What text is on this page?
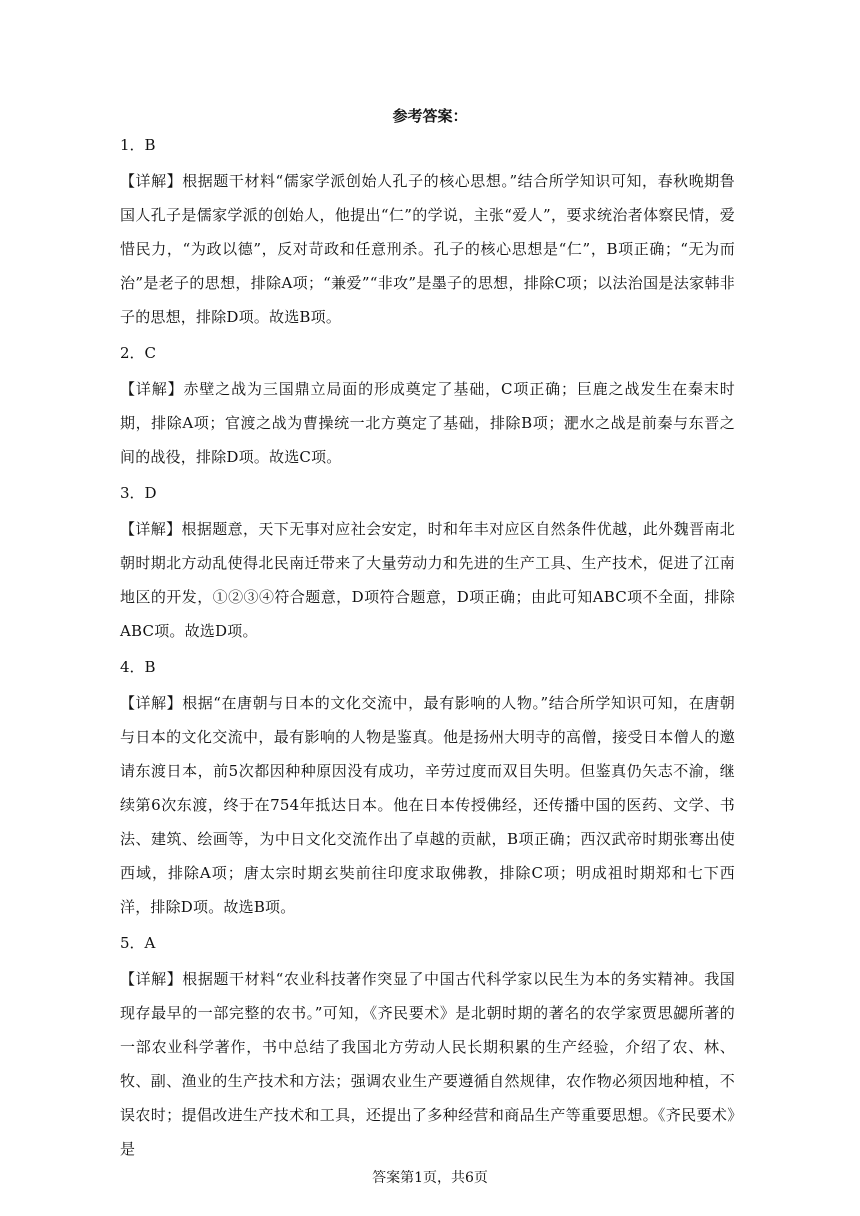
参考答案：

1．B

【详解】根据题干材料“儒家学派创始人孔子的核心思想。”结合所学知识可知，春秋晚期鲁国人孔子是儒家学派的创始人，他提出“仁”的学说，主张“爱人”，要求统治者体察民情，爱惜民力，“为政以德”，反对苛政和任意刑杀。孔子的核心思想是“仁”，B项正确；“无为而治”是老子的思想，排除A项；“兼爱”“非攻”是墨子的思想，排除C项；以法治国是法家韩非子的思想，排除D项。故选B项。

2．C

【详解】赤壁之战为三国鼎立局面的形成奠定了基础，C项正确；巨鹿之战发生在秦末时期，排除A项；官渡之战为曹操统一北方奠定了基础，排除B项；淝水之战是前秦与东晋之间的战役，排除D项。故选C项。

3．D

【详解】根据题意，天下无事对应社会安定，时和年丰对应区自然条件优越，此外魏晋南北朝时期北方动乱使得北民南迁带来了大量劳动力和先进的生产工具、生产技术，促进了江南地区的开发，①②③④符合题意，D项符合题意，D项正确；由此可知ABC项不全面，排除ABC项。故选D项。

4．B

【详解】根据“在唐朝与日本的文化交流中，最有影响的人物。”结合所学知识可知，在唐朝与日本的文化交流中，最有影响的人物是鉴真。他是扬州大明寺的高僧，接受日本僧人的邀请东渡日本，前5次都因种种原因没有成功，辛劳过度而双目失明。但鉴真仍矢志不渝，继续第6次东渡，终于在754年抵达日本。他在日本传授佛经，还传播中国的医药、文学、书法、建筑、绘画等，为中日文化交流作出了卓越的贡献，B项正确；西汉武帝时期张骞出使西域，排除A项；唐太宗时期玄奘前往印度求取佛教，排除C项；明成祖时期郑和七下西洋，排除D项。故选B项。

5．A

【详解】根据题干材料“农业科技著作突显了中国古代科学家以民生为本的务实精神。我国现存最早的一部完整的农书。”可知，《齐民要术》是北朝时期的著名的农学家贾思勰所著的一部农业科学著作，书中总结了我国北方劳动人民长期积累的生产经验，介绍了农、林、牧、副、渔业的生产技术和方法；强调农业生产要遵循自然规律，农作物必须因地种植，不误农时；提倡改进生产技术和工具，还提出了多种经营和商品生产等重要思想。《齐民要术》是

答案第1页，共6页
